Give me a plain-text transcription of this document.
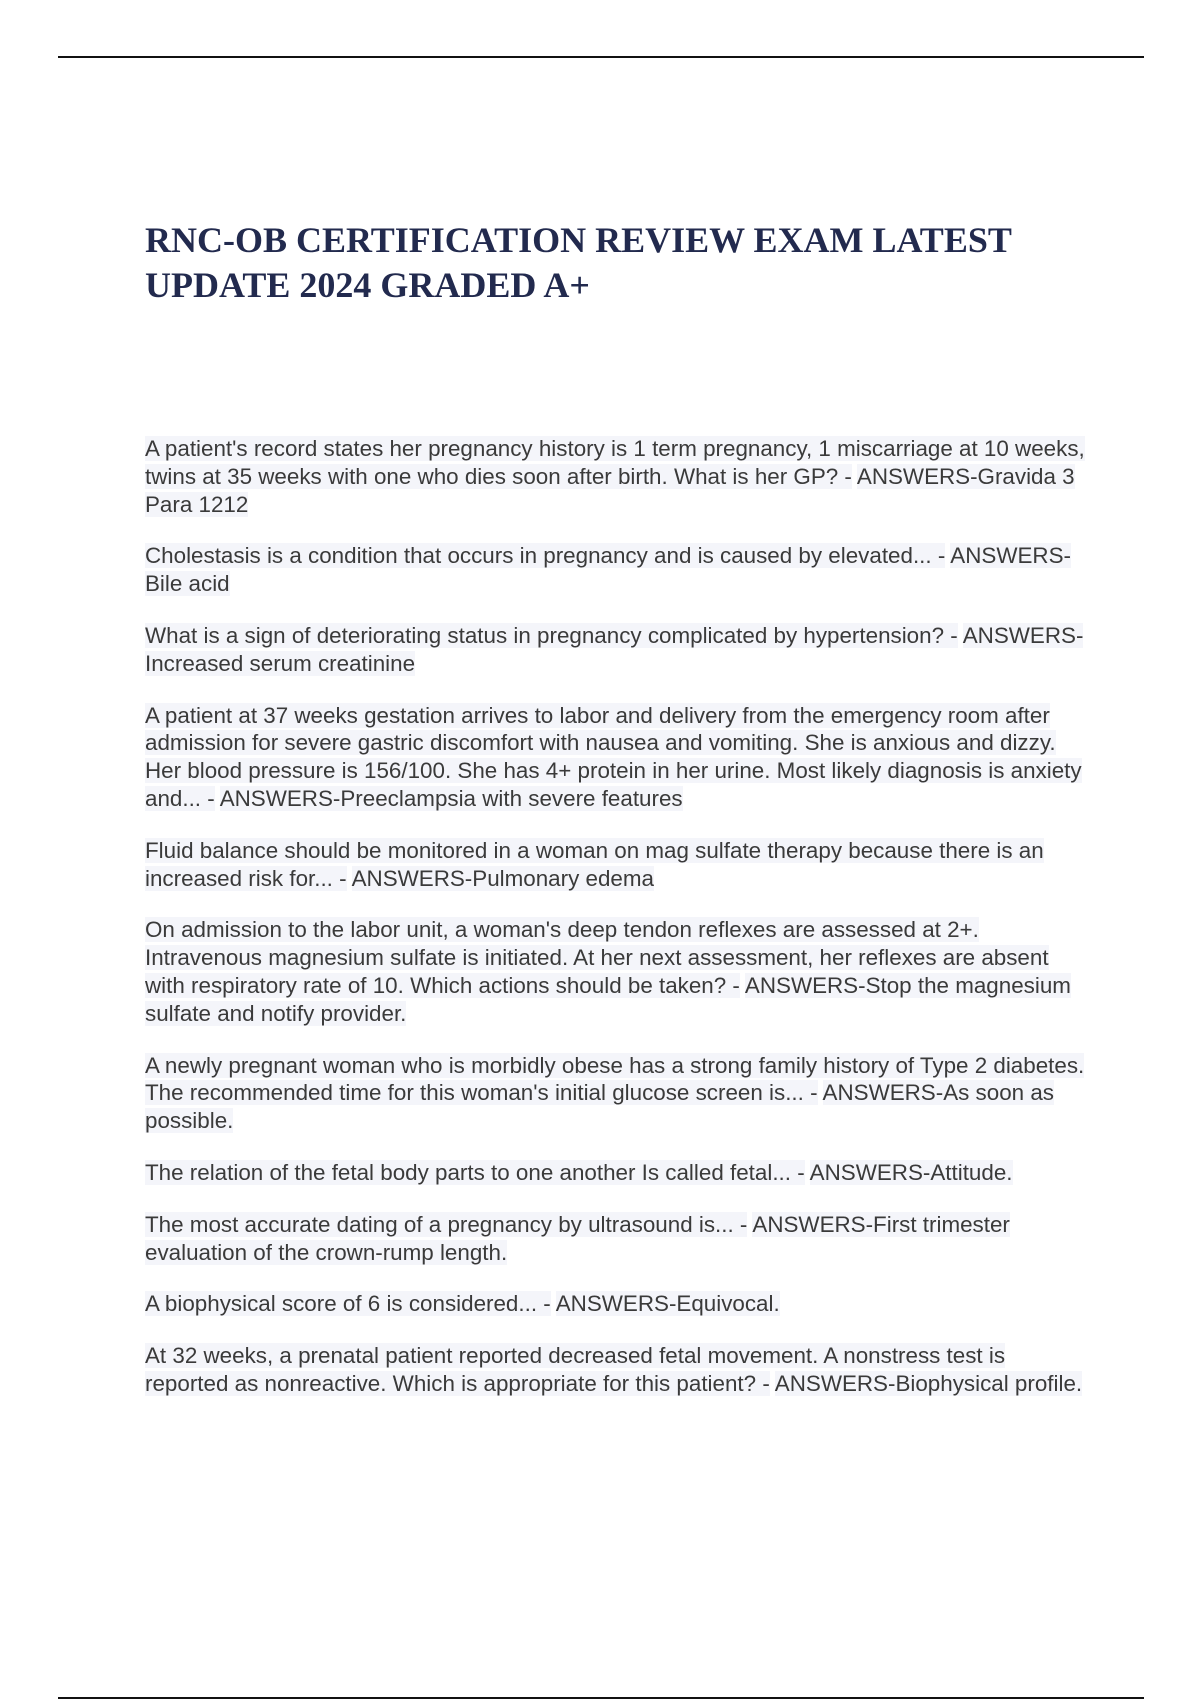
RNC-OB CERTIFICATION REVIEW EXAM LATEST UPDATE 2024 GRADED A+
A patient's record states her pregnancy history is 1 term pregnancy, 1 miscarriage at 10 weeks, twins at 35 weeks with one who dies soon after birth. What is her GP? - ANSWERS-Gravida 3 Para 1212
Cholestasis is a condition that occurs in pregnancy and is caused by elevated... - ANSWERS-Bile acid
What is a sign of deteriorating status in pregnancy complicated by hypertension? - ANSWERS-Increased serum creatinine
A patient at 37 weeks gestation arrives to labor and delivery from the emergency room after admission for severe gastric discomfort with nausea and vomiting. She is anxious and dizzy. Her blood pressure is 156/100. She has 4+ protein in her urine. Most likely diagnosis is anxiety and... - ANSWERS-Preeclampsia with severe features
Fluid balance should be monitored in a woman on mag sulfate therapy because there is an increased risk for... - ANSWERS-Pulmonary edema
On admission to the labor unit, a woman's deep tendon reflexes are assessed at 2+. Intravenous magnesium sulfate is initiated. At her next assessment, her reflexes are absent with respiratory rate of 10. Which actions should be taken? - ANSWERS-Stop the magnesium sulfate and notify provider.
A newly pregnant woman who is morbidly obese has a strong family history of Type 2 diabetes. The recommended time for this woman's initial glucose screen is... - ANSWERS-As soon as possible.
The relation of the fetal body parts to one another Is called fetal... - ANSWERS-Attitude.
The most accurate dating of a pregnancy by ultrasound is... - ANSWERS-First trimester evaluation of the crown-rump length.
A biophysical score of 6 is considered... - ANSWERS-Equivocal.
At 32 weeks, a prenatal patient reported decreased fetal movement. A nonstress test is reported as nonreactive. Which is appropriate for this patient? - ANSWERS-Biophysical profile.
